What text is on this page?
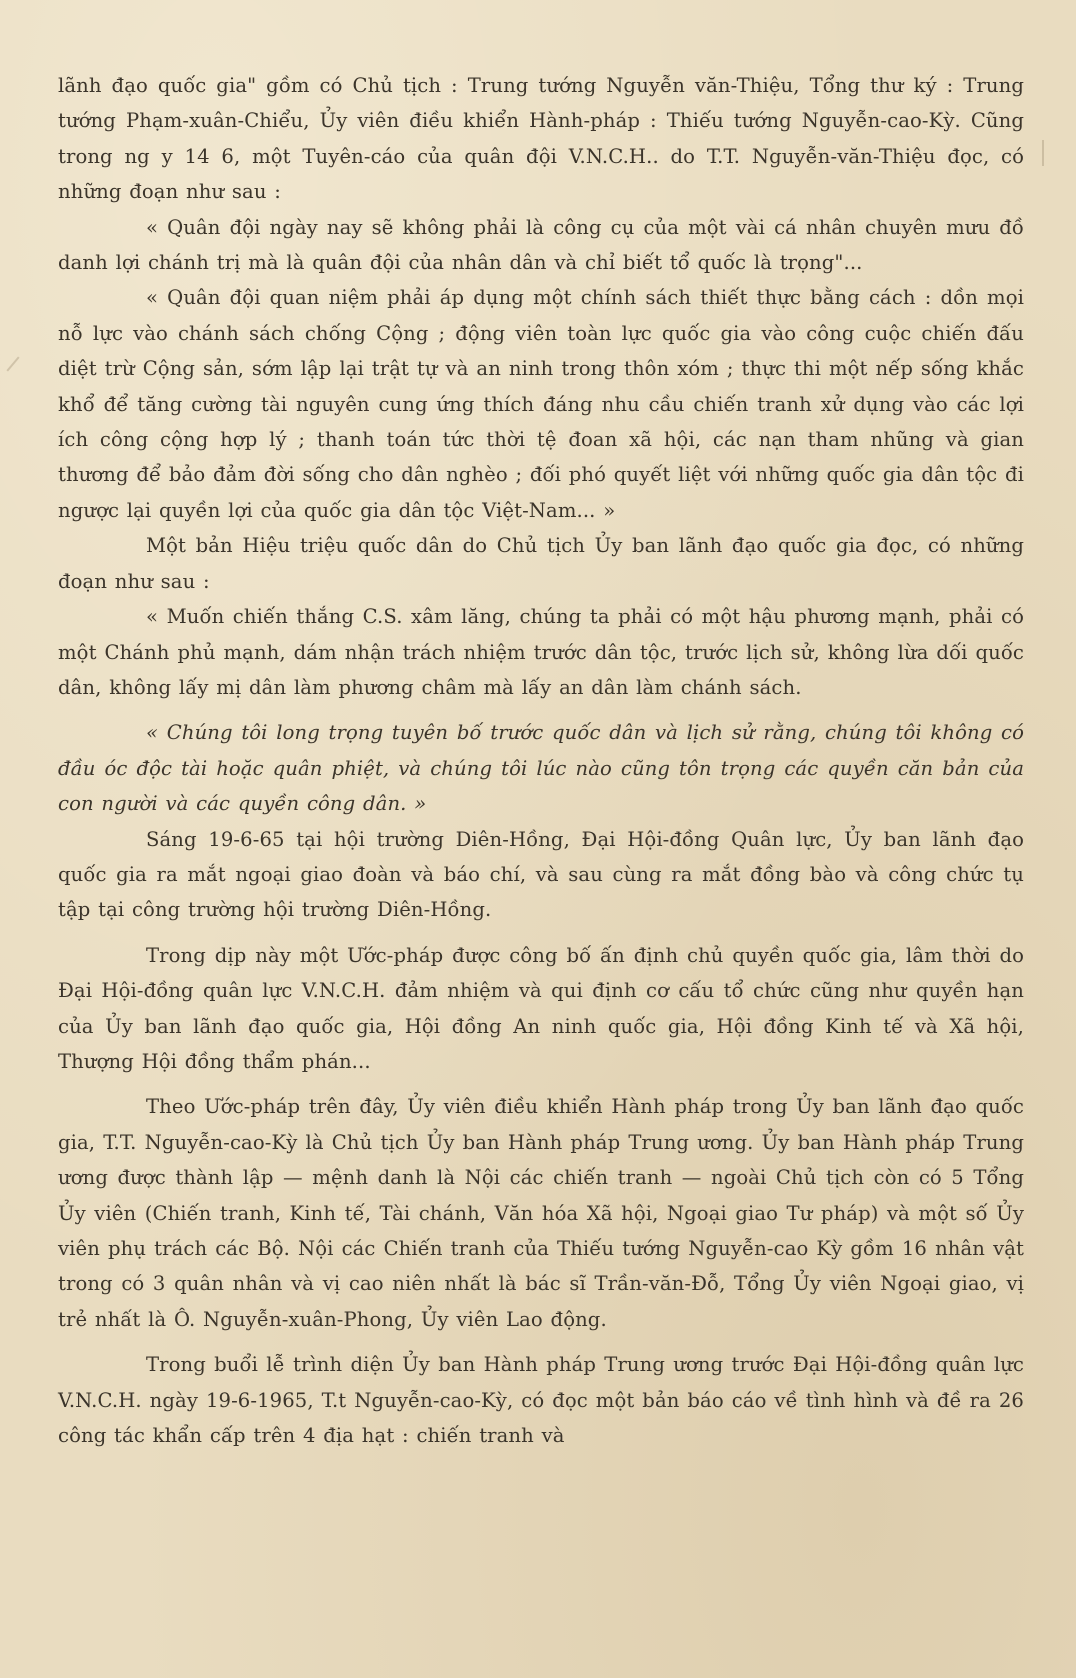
lãnh đạo quốc gia" gồm có Chủ tịch : Trung tướng Nguyễn văn-Thiệu, Tổng thư ký : Trung tướng Phạm-xuân-Chiểu, Ủy viên điều khiển Hành-pháp : Thiếu tướng Nguyễn-cao-Kỳ. Cũng trong ng y 14 6, một Tuyên-cáo của quân đội V.N.C.H.. do T.T. Nguyễn-văn-Thiệu đọc, có những đoạn như sau :

« Quân đội ngày nay sẽ không phải là công cụ của một vài cá nhân chuyên mưu đồ danh lợi chánh trị mà là quân đội của nhân dân và chỉ biết tổ quốc là trọng"...

« Quân đội quan niệm phải áp dụng một chính sách thiết thực bằng cách : dồn mọi nỗ lực vào chánh sách chống Cộng ; động viên toàn lực quốc gia vào công cuộc chiến đấu diệt trừ Cộng sản, sớm lập lại trật tự và an ninh trong thôn xóm ; thực thi một nếp sống khắc khổ để tăng cường tài nguyên cung ứng thích đáng nhu cầu chiến tranh xử dụng vào các lợi ích công cộng hợp lý ; thanh toán tức thời tệ đoan xã hội, các nạn tham nhũng và gian thương để bảo đảm đời sống cho dân nghèo ; đối phó quyết liệt với những quốc gia dân tộc đi ngược lại quyền lợi của quốc gia dân tộc Việt-Nam... »

Một bản Hiệu triệu quốc dân do Chủ tịch Ủy ban lãnh đạo quốc gia đọc, có những đoạn như sau :

« Muốn chiến thắng C.S. xâm lăng, chúng ta phải có một hậu phương mạnh, phải có một Chánh phủ mạnh, dám nhận trách nhiệm trước dân tộc, trước lịch sử, không lừa dối quốc dân, không lấy mị dân làm phương châm mà lấy an dân làm chánh sách.

« Chúng tôi long trọng tuyên bố trước quốc dân và lịch sử rằng, chúng tôi không có đầu óc độc tài hoặc quân phiệt, và chúng tôi lúc nào cũng tôn trọng các quyền căn bản của con người và các quyền công dân. »

Sáng 19-6-65 tại hội trường Diên-Hồng, Đại Hội-đồng Quân lực, Ủy ban lãnh đạo quốc gia ra mắt ngoại giao đoàn và báo chí, và sau cùng ra mắt đồng bào và công chức tụ tập tại công trường hội trường Diên-Hồng.

Trong dịp này một Ước-pháp được công bố ấn định chủ quyền quốc gia, lâm thời do Đại Hội-đồng quân lực V.N.C.H. đảm nhiệm và qui định cơ cấu tổ chức cũng như quyền hạn của Ủy ban lãnh đạo quốc gia, Hội đồng An ninh quốc gia, Hội đồng Kinh tế và Xã hội, Thượng Hội đồng thẩm phán...

Theo Ước-pháp trên đây, Ủy viên điều khiển Hành pháp trong Ủy ban lãnh đạo quốc gia, T.T. Nguyễn-cao-Kỳ là Chủ tịch Ủy ban Hành pháp Trung ương. Ủy ban Hành pháp Trung ương được thành lập — mệnh danh là Nội các chiến tranh — ngoài Chủ tịch còn có 5 Tổng Ủy viên (Chiến tranh, Kinh tế, Tài chánh, Văn hóa Xã hội, Ngoại giao Tư pháp) và một số Ủy viên phụ trách các Bộ. Nội các Chiến tranh của Thiếu tướng Nguyễn-cao Kỳ gồm 16 nhân vật trong có 3 quân nhân và vị cao niên nhất là bác sĩ Trần-văn-Đỗ, Tổng Ủy viên Ngoại giao, vị trẻ nhất là Ô. Nguyễn-xuân-Phong, Ủy viên Lao động.

Trong buổi lễ trình diện Ủy ban Hành pháp Trung ương trước Đại Hội-đồng quân lực V.N.C.H. ngày 19-6-1965, T.t Nguyễn-cao-Kỳ, có đọc một bản báo cáo về tình hình và đề ra 26 công tác khẩn cấp trên 4 địa hạt : chiến tranh và
